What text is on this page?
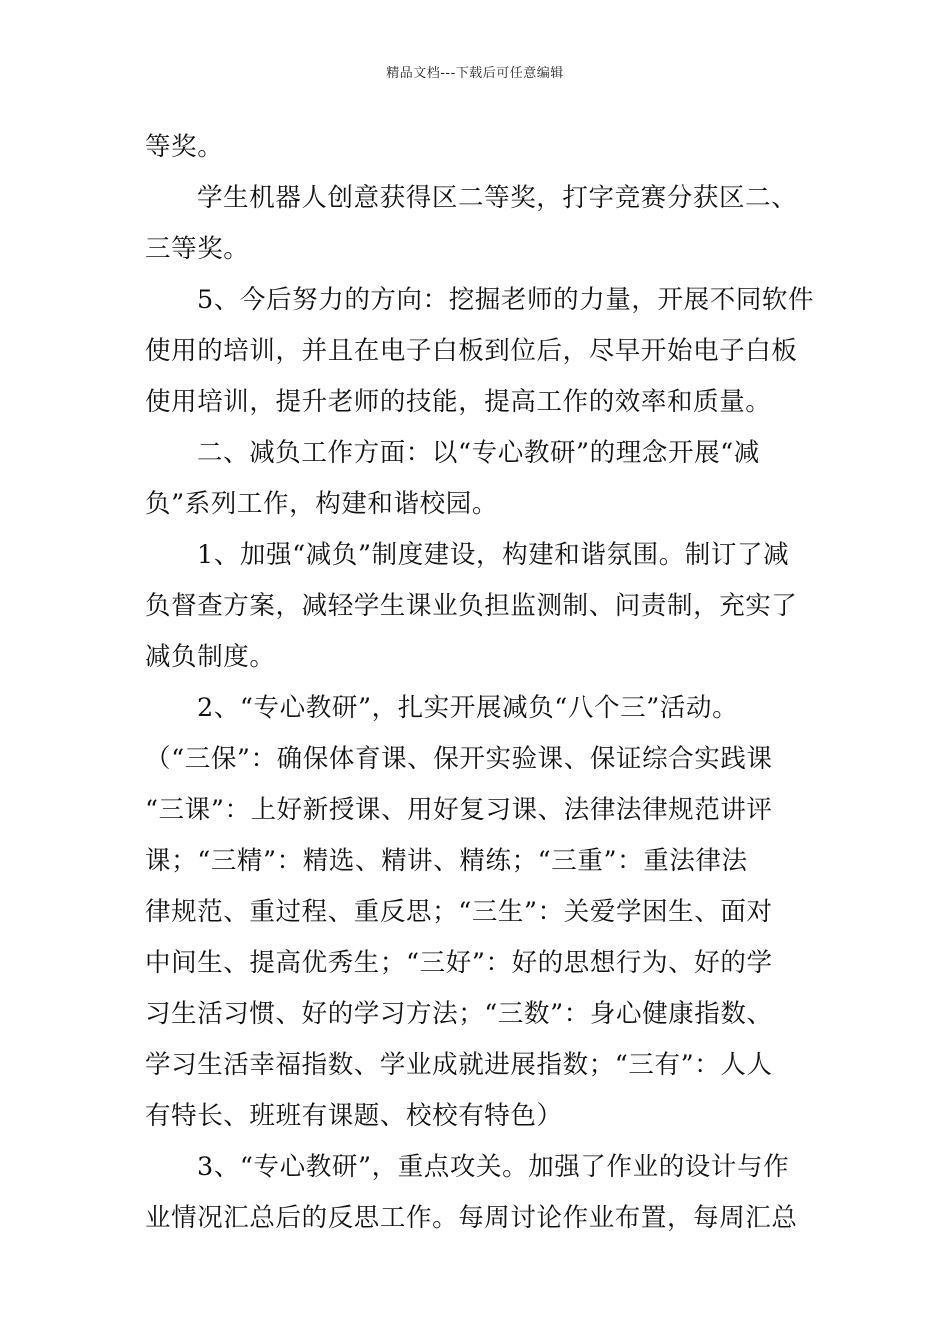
精品文档---下载后可任意编辑
等奖。
学生机器人创意获得区二等奖，打字竞赛分获区二、
三等奖。
5、今后努力的方向：挖掘老师的力量，开展不同软件
使用的培训，并且在电子白板到位后，尽早开始电子白板
使用培训，提升老师的技能，提高工作的效率和质量。
二、减负工作方面：以“专心教研”的理念开展“减
负”系列工作，构建和谐校园。
1、加强“减负”制度建设，构建和谐氛围。制订了减
负督查方案，减轻学生课业负担监测制、问责制，充实了
减负制度。
2、“专心教研”，扎实开展减负“八个三”活动。
（“三保”：确保体育课、保开实验课、保证综合实践课
“三课”：上好新授课、用好复习课、法律法律规范讲评
课；“三精”：精选、精讲、精练；“三重”：重法律法
律规范、重过程、重反思；“三生”：关爱学困生、面对
中间生、提高优秀生；“三好”：好的思想行为、好的学
习生活习惯、好的学习方法；“三数”：身心健康指数、
学习生活幸福指数、学业成就进展指数；“三有”：人人
有特长、班班有课题、校校有特色）
3、“专心教研”，重点攻关。加强了作业的设计与作
业情况汇总后的反思工作。每周讨论作业布置，每周汇总
